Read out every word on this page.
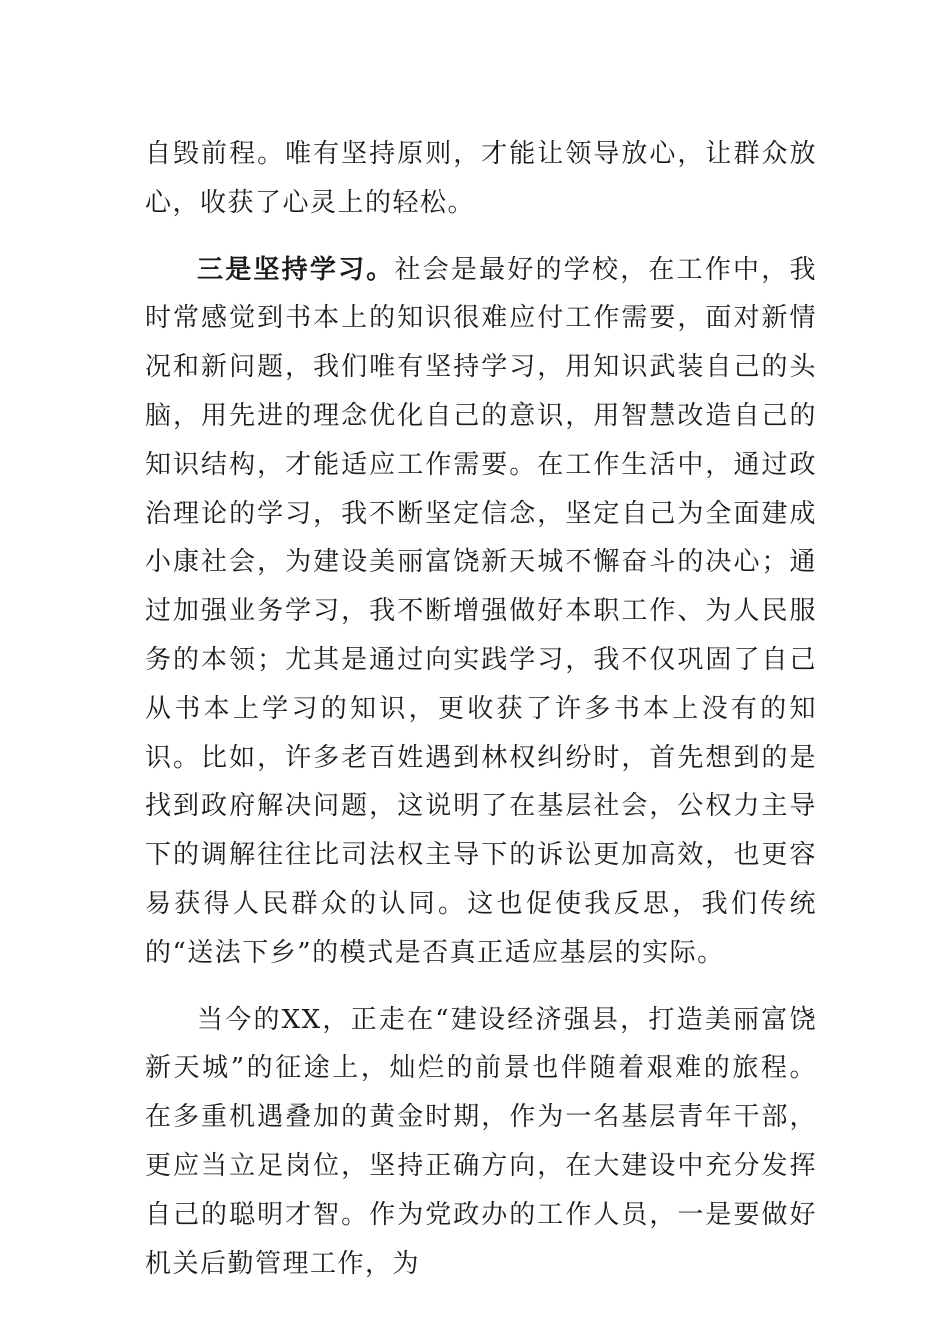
自毁前程。唯有坚持原则，才能让领导放心，让群众放心，收获了心灵上的轻松。

三是坚持学习。社会是最好的学校，在工作中，我时常感觉到书本上的知识很难应付工作需要，面对新情况和新问题，我们唯有坚持学习，用知识武装自己的头脑，用先进的理念优化自己的意识，用智慧改造自己的知识结构，才能适应工作需要。在工作生活中，通过政治理论的学习，我不断坚定信念，坚定自己为全面建成小康社会，为建设美丽富饶新天城不懈奋斗的决心；通过加强业务学习，我不断增强做好本职工作、为人民服务的本领；尤其是通过向实践学习，我不仅巩固了自己从书本上学习的知识，更收获了许多书本上没有的知识。比如，许多老百姓遇到林权纠纷时，首先想到的是找到政府解决问题，这说明了在基层社会，公权力主导下的调解往往比司法权主导下的诉讼更加高效，也更容易获得人民群众的认同。这也促使我反思，我们传统的“送法下乡”的模式是否真正适应基层的实际。

当今的XX，正走在“建设经济强县，打造美丽富饶新天城”的征途上，灿烂的前景也伴随着艰难的旅程。在多重机遇叠加的黄金时期，作为一名基层青年干部，更应当立足岗位，坚持正确方向，在大建设中充分发挥自己的聪明才智。作为党政办的工作人员，一是要做好机关后勤管理工作，为
